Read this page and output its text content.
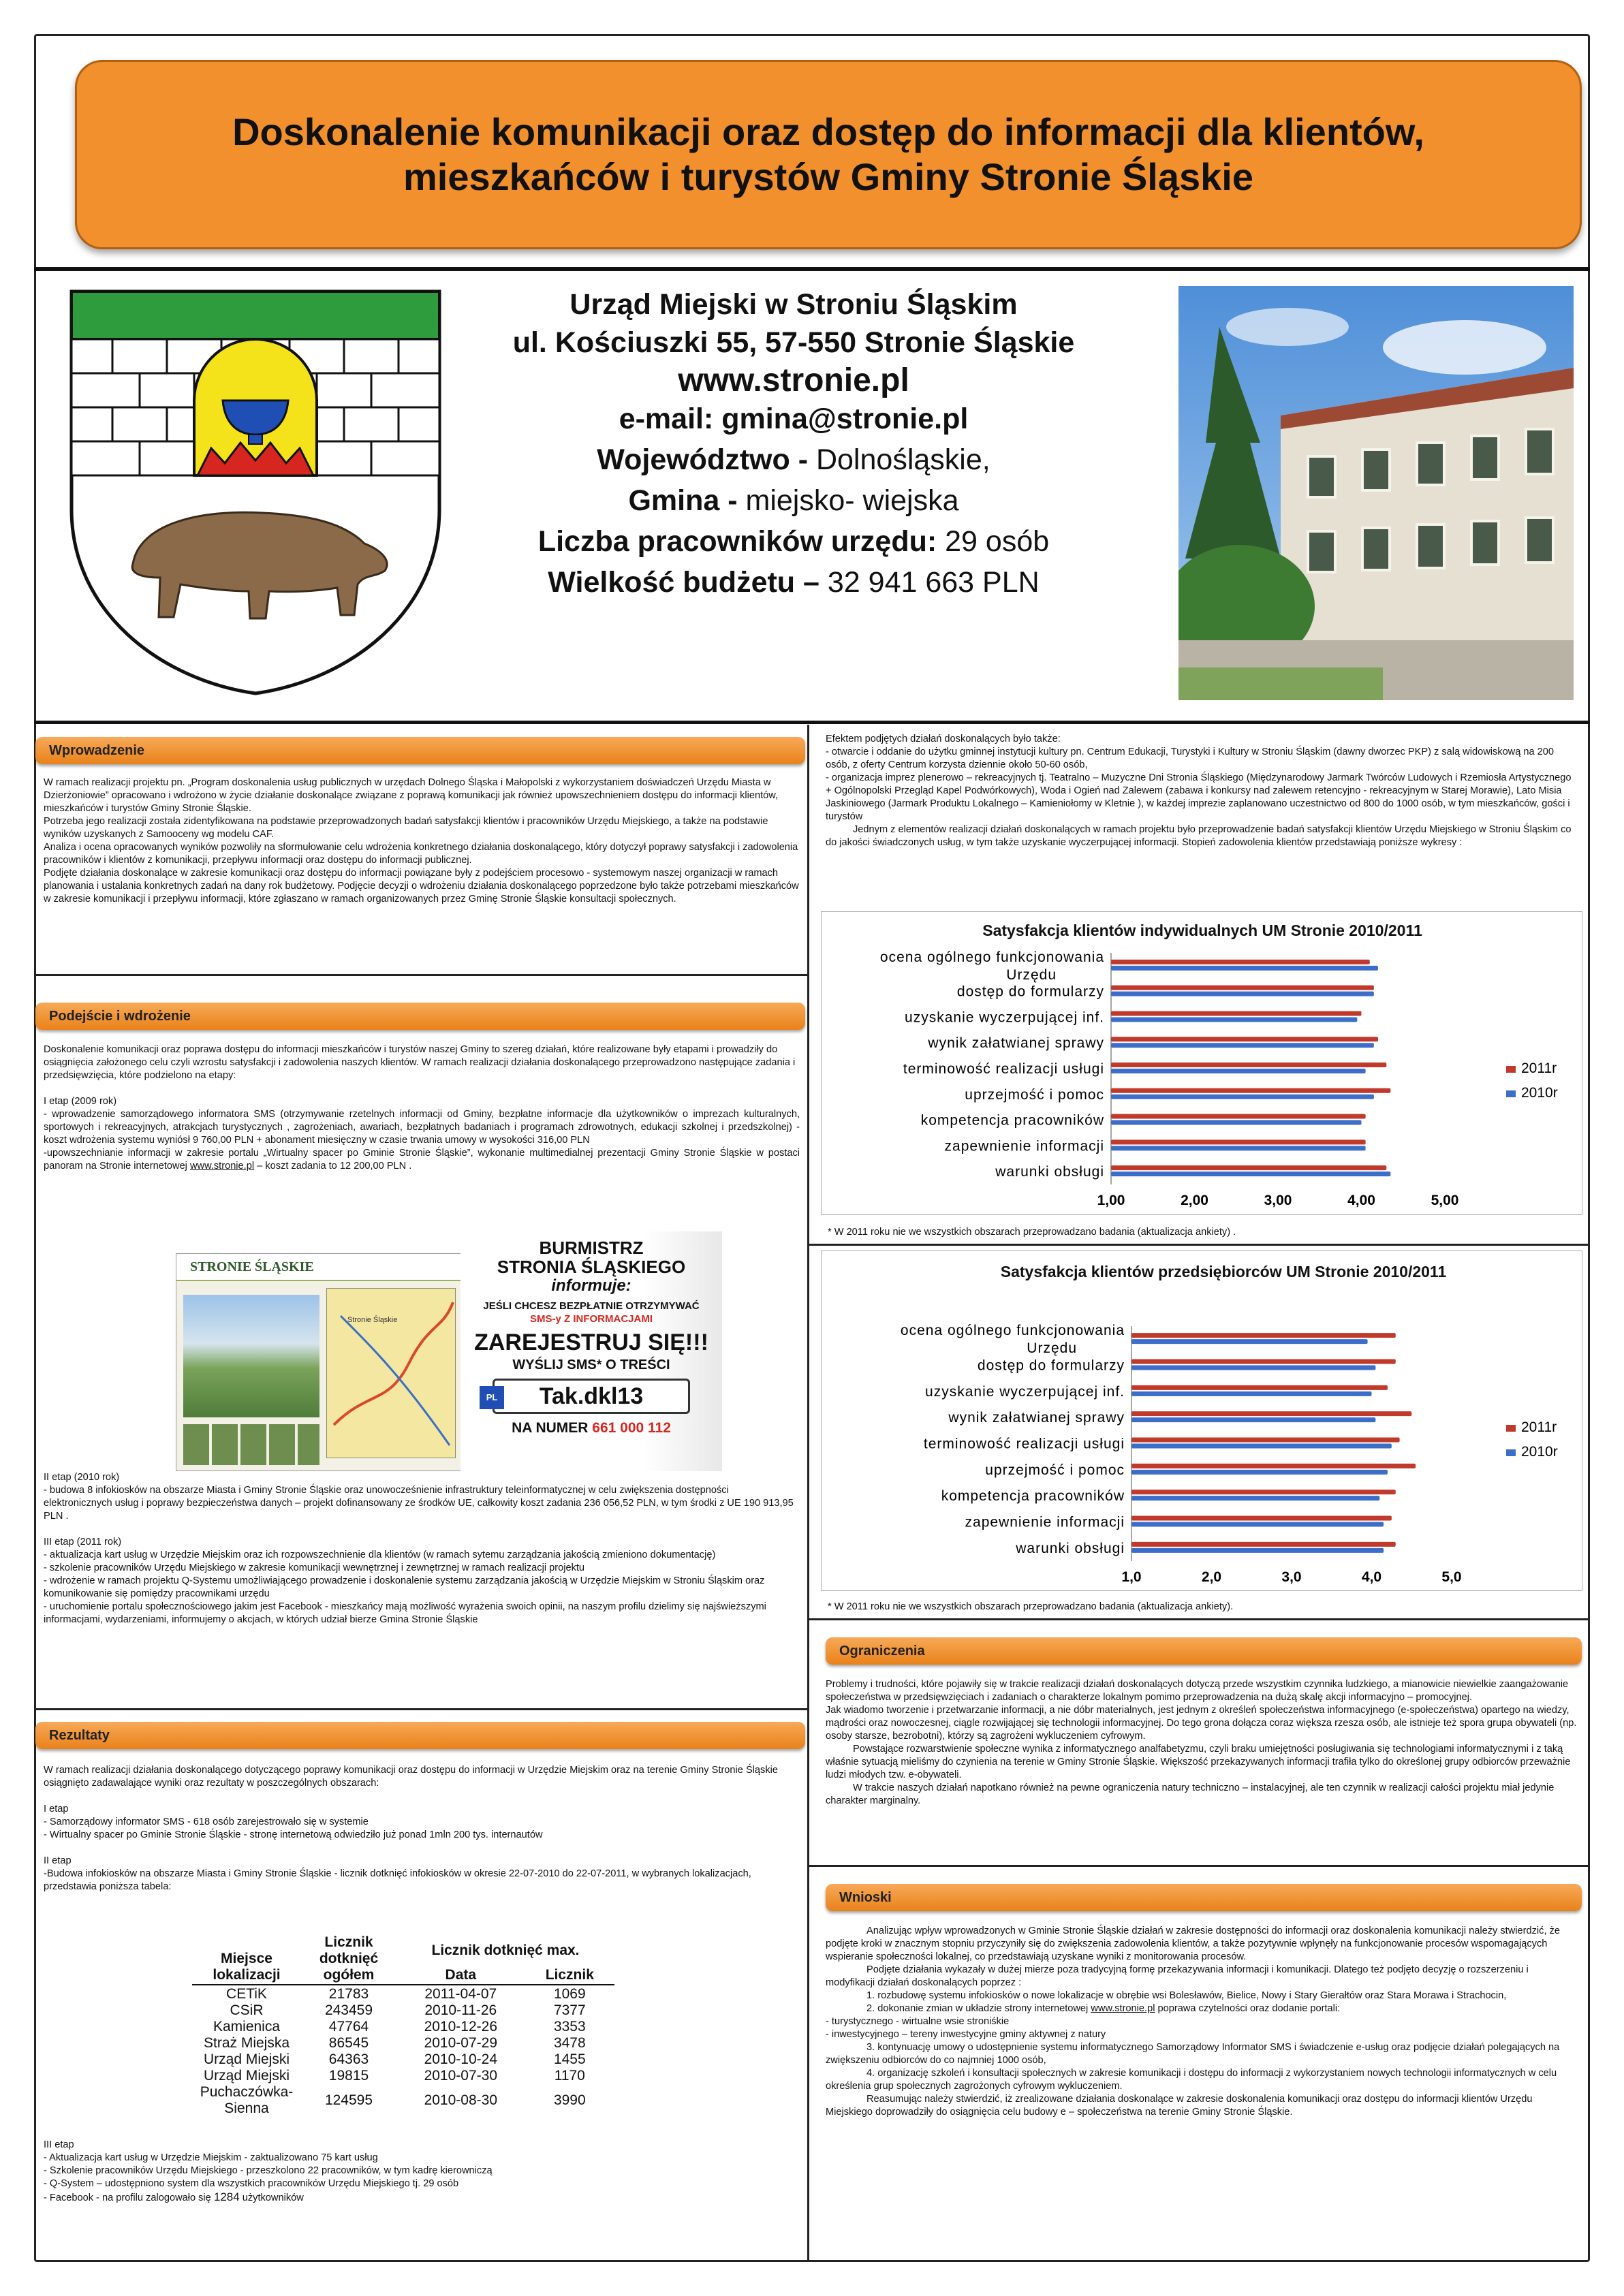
Doskonalenie komunikacji oraz dostęp do informacji dla klientów,
mieszkańców i turystów Gminy Stronie Śląskie
Urząd Miejski w Stroniu Śląskim
ul. Kościuszki 55, 57-550 Stronie Śląskie
www.stronie.pl
e-mail: gmina@stronie.pl
Województwo - Dolnośląskie,
Gmina - miejsko- wiejska
Liczba pracowników urzędu: 29 osób
Wielkość budżetu – 32 941 663 PLN
Wprowadzenie

W ramach realizacji projektu pn. „Program doskonalenia usług publicznych w urzędach Dolnego Śląska i Małopolski z wykorzystaniem doświadczeń Urzędu Miasta w Dzierżoniowie” opracowano i wdrożono w życie działanie doskonalące związane z poprawą komunikacji jak również upowszechnieniem dostępu do informacji klientów, mieszkańców i turystów Gminy Stronie Śląskie.

Potrzeba jego realizacji została zidentyfikowana na podstawie przeprowadzonych badań satysfakcji klientów i pracowników Urzędu Miejskiego, a także na podstawie wyników uzyskanych z Samooceny wg modelu CAF.

Analiza i ocena opracowanych wyników pozwoliły na sformułowanie celu wdrożenia konkretnego działania doskonalącego, który dotyczył poprawy satysfakcji i zadowolenia pracowników i klientów z komunikacji, przepływu informacji oraz dostępu do informacji publicznej.

Podjęte działania doskonalące w zakresie komunikacji oraz dostępu do informacji powiązane były z podejściem procesowo - systemowym naszej organizacji w ramach planowania i ustalania konkretnych zadań na dany rok budżetowy. Podjęcie decyzji o wdrożeniu działania doskonalącego poprzedzone było także potrzebami mieszkańców w zakresie komunikacji i przepływu informacji, które zgłaszano w ramach organizowanych przez Gminę Stronie Śląskie konsultacji społecznych.

Podejście i wdrożenie

Doskonalenie komunikacji oraz poprawa dostępu do informacji mieszkańców i turystów naszej Gminy to szereg działań, które realizowane były etapami i prowadziły do osiągnięcia założonego celu czyli wzrostu satysfakcji i zadowolenia naszych klientów. W ramach realizacji działania doskonalącego przeprowadzono następujące zadania i przedsięwzięcia, które podzielono na etapy:

I etap (2009 rok)

- wprowadzenie samorządowego informatora SMS (otrzymywanie rzetelnych informacji od Gminy, bezpłatne informacje dla użytkowników o imprezach kulturalnych, sportowych i rekreacyjnych, atrakcjach turystycznych , zagrożeniach, awariach, bezpłatnych badaniach i programach zdrowotnych, edukacji szkolnej i przedszkolnej) - koszt wdrożenia systemu wyniósł 9 760,00 PLN + abonament miesięczny w czasie trwania umowy w wysokości 316,00 PLN

-upowszechnianie informacji w zakresie portalu „Wirtualny spacer po Gminie Stronie Śląskie”, wykonanie multimedialnej prezentacji Gminy Stronie Śląskie w postaci panoram na Stronie internetowej www.stronie.pl – koszt zadania to 12 200,00 PLN .

STRONIE ŚLĄSKIE
Stronie Śląskie
BURMISTRZ
STRONIA ŚLĄSKIEGO
informuje:
JEŚLI CHCESZ BEZPŁATNIE OTRZYMYWAĆ
SMS-y Z INFORMACJAMI
ZAREJESTRUJ SIĘ!!!
WYŚLIJ SMS* O TREŚCI
PL	Tak.dkl13
NA NUMER 661 000 112

II etap (2010 rok)

- budowa 8 infokiosków na obszarze Miasta i Gminy Stronie Śląskie oraz unowocześnienie infrastruktury teleinformatycznej w celu zwiększenia dostępności elektronicznych usług i poprawy bezpieczeństwa danych – projekt dofinansowany ze środków UE, całkowity koszt zadania 236 056,52 PLN, w tym środki z UE 190 913,95 PLN .

III etap (2011 rok)

- aktualizacja kart usług w Urzędzie Miejskim oraz ich rozpowszechnienie dla klientów (w ramach sytemu zarządzania jakością zmieniono dokumentację)

- szkolenie pracowników Urzędu Miejskiego w zakresie komunikacji wewnętrznej i zewnętrznej w ramach realizacji projektu

- wdrożenie w ramach projektu Q-Systemu umożliwiającego prowadzenie i doskonalenie systemu zarządzania jakością w Urzędzie Miejskim w Stroniu Śląskim oraz komunikowanie się pomiędzy pracownikami urzędu

- uruchomienie portalu społecznościowego jakim jest Facebook - mieszkańcy mają możliwość wyrażenia swoich opinii, na naszym profilu dzielimy się najświeższymi informacjami, wydarzeniami, informujemy o akcjach, w których udział bierze Gmina Stronie Śląskie

Rezultaty

W ramach realizacji działania doskonalącego dotyczącego poprawy komunikacji oraz dostępu do informacji w Urzędzie Miejskim oraz na terenie Gminy Stronie Śląskie osiągnięto zadawalające wyniki oraz rezultaty w poszczególnych obszarach:

I etap

- Samorządowy informator SMS - 618 osób zarejestrowało się w systemie

- Wirtualny spacer po Gminie Stronie Śląskie - stronę internetową odwiedziło już ponad 1mln 200 tys. internautów

II etap

-Budowa infokiosków na obszarze Miasta i Gminy Stronie Śląskie - licznik dotknięć infokiosków w okresie 22-07-2010 do 22-07-2011, w wybranych lokalizacjach, przedstawia poniższa tabela:

Miejsce lokalizacji	Licznik dotknięć ogółem	Licznik dotknięć max.	
		Data	Licznik

CETiK	21783	2011-04-07	1069
CSiR	243459	2010-11-26	7377
Kamienica	47764	2010-12-26	3353
Straż Miejska	86545	2010-07-29	3478
Urząd Miejski	64363	2010-10-24	1455
Urząd Miejski	19815	2010-07-30	1170
Puchaczówka-Sienna	124595	2010-08-30	3990

III etap

- Aktualizacja kart usług w Urzędzie Miejskim - zaktualizowano 75 kart usług

- Szkolenie pracowników Urzędu Miejskiego - przeszkolono 22 pracowników, w tym kadrę kierowniczą

- Q-System – udostępniono system dla wszystkich pracowników Urzędu Miejskiego tj. 29 osób

- Facebook - na profilu zalogowało się 1284 użytkowników

Efektem podjętych działań doskonalących było także:

- otwarcie i oddanie do użytku gminnej instytucji kultury pn. Centrum Edukacji, Turystyki i Kultury w Stroniu Śląskim (dawny dworzec PKP) z salą widowiskową na 200 osób, z oferty Centrum korzysta dziennie około 50-60 osób,

- organizacja imprez plenerowo – rekreacyjnych tj. Teatralno – Muzyczne Dni Stronia Śląskiego (Międzynarodowy Jarmark Twórców Ludowych i Rzemiosła Artystycznego + Ogólnopolski Przegląd Kapel Podwórkowych), Woda i Ogień nad Zalewem (zabawa i konkursy nad zalewem retencyjno - rekreacyjnym w Starej Morawie), Lato Misia Jaskiniowego (Jarmark Produktu Lokalnego – Kamieniołomy w Kletnie ), w każdej imprezie zaplanowano uczestnictwo od 800 do 1000 osób, w tym mieszkańców, gości i turystów

Jednym z elementów realizacji działań doskonalących w ramach projektu było przeprowadzenie badań satysfakcji klientów Urzędu Miejskiego w Stroniu Śląskim co do jakości świadczonych usług, w tym także uzyskanie wyczerpującej informacji. Stopień zadowolenia klientów przedstawiają poniższe wykresy :

Satysfakcja klientów indywidualnych UM Stronie 2010/2011
1,00	2,00	3,00	4,00	5,00
ocena ogólnego funkcjonowania Urzędu
dostęp do formularzy
uzyskanie wyczerpującej inf.
wynik załatwianej sprawy
terminowość realizacji usługi
uprzejmość i pomoc
kompetencja pracowników
zapewnienie informacji
warunki obsługi
2011r
2010r
* W 2011 roku nie we wszystkich obszarach przeprowadzano badania (aktualizacja ankiety) .
Satysfakcja klientów przedsiębiorców UM Stronie 2010/2011
1,0	2,0	3,0	4,0	5,0
ocena ogólnego funkcjonowania Urzędu
dostęp do formularzy
uzyskanie wyczerpującej inf.
wynik załatwianej sprawy
terminowość realizacji usługi
uprzejmość i pomoc
kompetencja pracowników
zapewnienie informacji
warunki obsługi
2011r
2010r
* W 2011 roku nie we wszystkich obszarach przeprowadzano badania (aktualizacja ankiety).
Ograniczenia

Problemy i trudności, które pojawiły się w trakcie realizacji działań doskonalących dotyczą przede wszystkim czynnika ludzkiego, a mianowicie niewielkie zaangażowanie społeczeństwa w przedsięwzięciach i zadaniach o charakterze lokalnym pomimo przeprowadzenia na dużą skalę akcji informacyjno – promocyjnej.

Jak wiadomo tworzenie i przetwarzanie informacji, a nie dóbr materialnych, jest jednym z określeń społeczeństwa informacyjnego (e-społeczeństwa) opartego na wiedzy, mądrości oraz nowoczesnej, ciągle rozwijającej się technologii informacyjnej. Do tego grona dołącza coraz większa rzesza osób, ale istnieje też spora grupa obywateli (np. osoby starsze, bezrobotni), którzy są zagrożeni wykluczeniem cyfrowym.

Powstające rozwarstwienie społeczne wynika z informatycznego analfabetyzmu, czyli braku umiejętności posługiwania się technologiami informatycznymi i z taką właśnie sytuacją mieliśmy do czynienia na terenie w Gminy Stronie Śląskie. Większość przekazywanych informacji trafiła tylko do określonej grupy odbiorców przeważnie ludzi młodych tzw. e-obywateli.

W trakcie naszych działań napotkano również na pewne ograniczenia natury techniczno – instalacyjnej, ale ten czynnik w realizacji całości projektu miał jedynie charakter marginalny.

Wnioski

Analizując wpływ wprowadzonych w Gminie Stronie Śląskie działań w zakresie dostępności do informacji oraz doskonalenia komunikacji należy stwierdzić, że podjęte kroki w znacznym stopniu przyczyniły się do zwiększenia zadowolenia klientów, a także pozytywnie wpłynęły na funkcjonowanie procesów wspomagających wspieranie społeczności lokalnej, co przedstawiają uzyskane wyniki z monitorowania procesów.

Podjęte działania wykazały w dużej mierze poza tradycyjną formę przekazywania informacji i komunikacji. Dlatego też podjęto decyzję o rozszerzeniu i modyfikacji działań doskonalących poprzez :

1. rozbudowę systemu infokiosków o nowe lokalizacje w obrębie wsi Bolesławów, Bielice, Nowy i Stary Gierałtów oraz Stara Morawa i Strachocin,

2. dokonanie zmian w układzie strony internetowej www.stronie.pl poprawa czytelności oraz dodanie portali:

- turystycznego - wirtualne wsie stroniśkie

- inwestycyjnego – tereny inwestycyjne gminy aktywnej z natury

3. kontynuację umowy o udostępnienie systemu informatycznego Samorządowy Informator SMS i świadczenie e-usług oraz podjęcie działań polegających na zwiększeniu odbiorców do co najmniej 1000 osób,

4. organizację szkoleń i konsultacji społecznych w zakresie komunikacji i dostępu do informacji z wykorzystaniem nowych technologii informatycznych w celu określenia grup społecznych zagrożonych cyfrowym wykluczeniem.

Reasumując należy stwierdzić, iż zrealizowane działania doskonalące w zakresie doskonalenia komunikacji oraz dostępu do informacji klientów Urzędu Miejskiego doprowadziły do osiągnięcia celu budowy e – społeczeństwa na terenie Gminy Stronie Śląskie.
